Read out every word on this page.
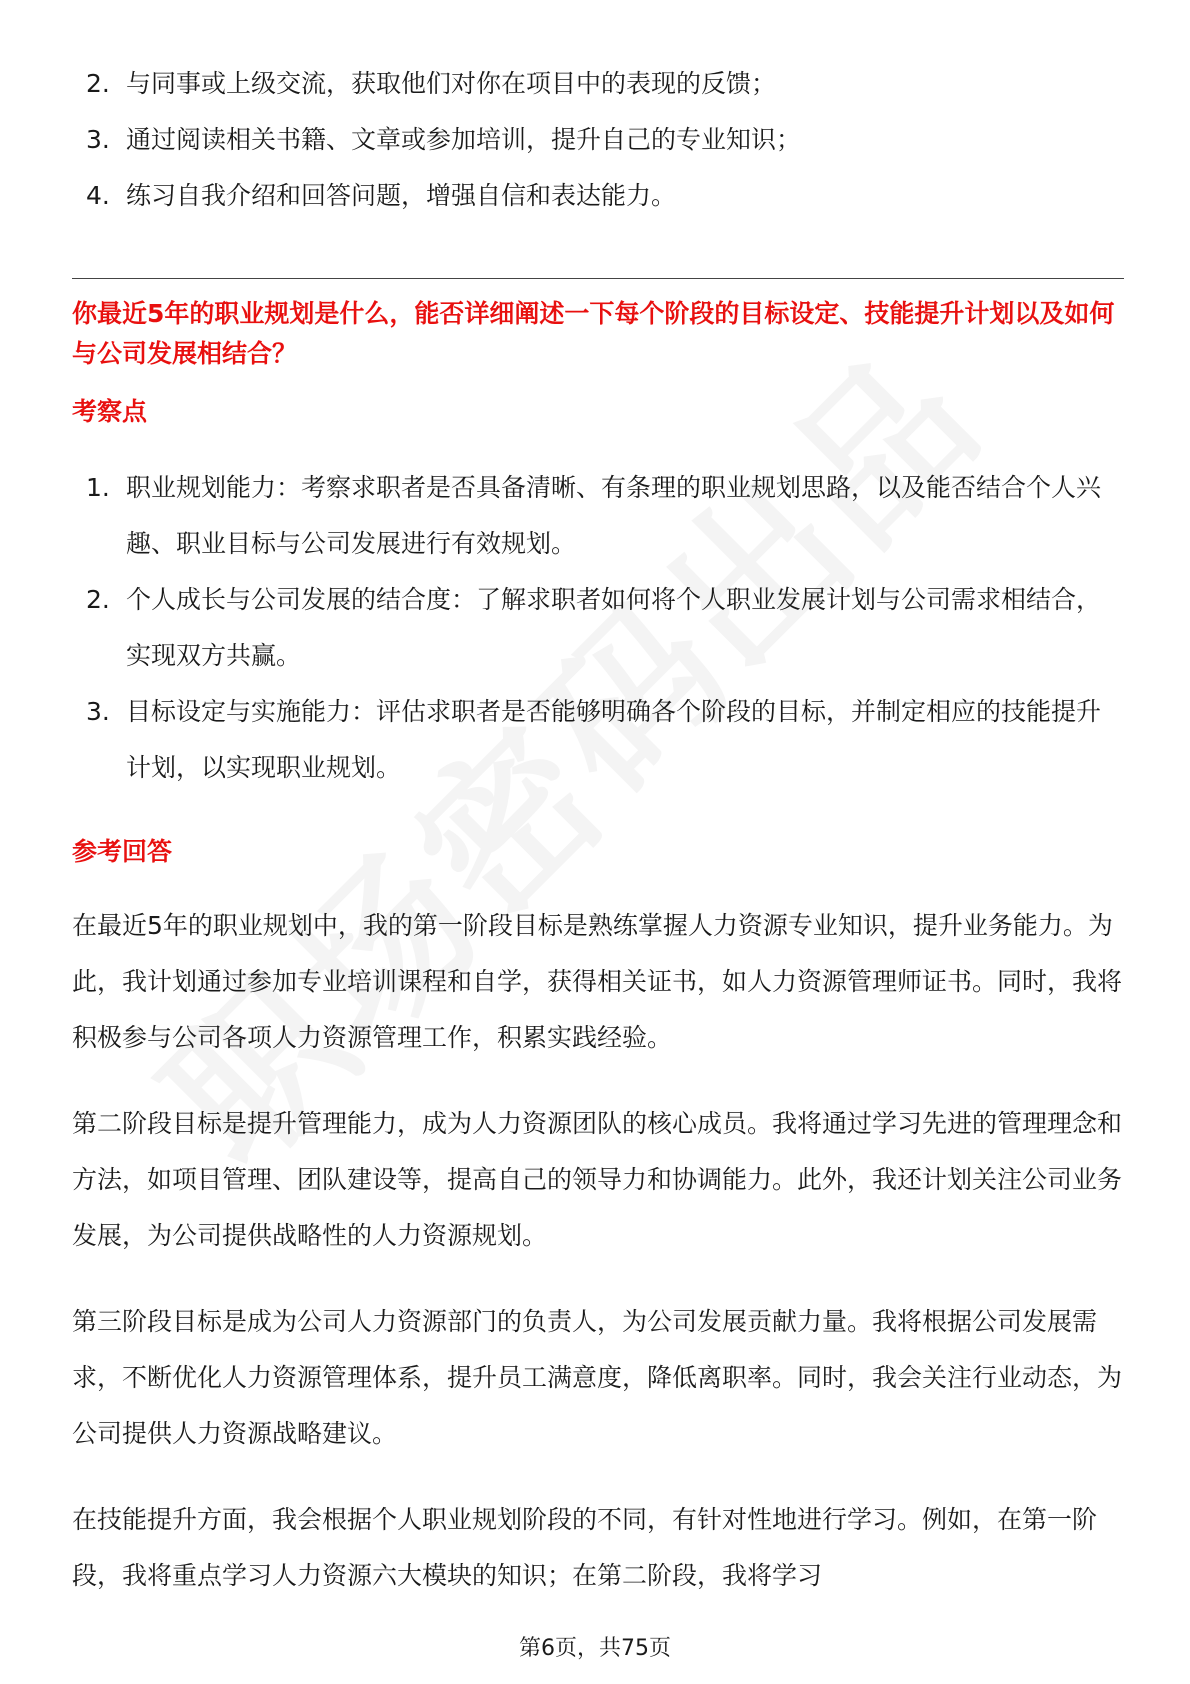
2. 与同事或上级交流，获取他们对你在项目中的表现的反馈；
3. 通过阅读相关书籍、文章或参加培训，提升自己的专业知识；
4. 练习自我介绍和回答问题，增强自信和表达能力。
你最近5年的职业规划是什么，能否详细阐述一下每个阶段的目标设定、技能提升计划以及如何与公司发展相结合？
考察点
1. 职业规划能力：考察求职者是否具备清晰、有条理的职业规划思路，以及能否结合个人兴趣、职业目标与公司发展进行有效规划。
2. 个人成长与公司发展的结合度：了解求职者如何将个人职业发展计划与公司需求相结合，实现双方共赢。
3. 目标设定与实施能力：评估求职者是否能够明确各个阶段的目标，并制定相应的技能提升计划，以实现职业规划。
参考回答

在最近5年的职业规划中，我的第一阶段目标是熟练掌握人力资源专业知识，提升业务能力。为此，我计划通过参加专业培训课程和自学，获得相关证书，如人力资源管理师证书。同时，我将积极参与公司各项人力资源管理工作，积累实践经验。

第二阶段目标是提升管理能力，成为人力资源团队的核心成员。我将通过学习先进的管理理念和方法，如项目管理、团队建设等，提高自己的领导力和协调能力。此外，我还计划关注公司业务发展，为公司提供战略性的人力资源规划。

第三阶段目标是成为公司人力资源部门的负责人，为公司发展贡献力量。我将根据公司发展需求，不断优化人力资源管理体系，提升员工满意度，降低离职率。同时，我会关注行业动态，为公司提供人力资源战略建议。

在技能提升方面，我会根据个人职业规划阶段的不同，有针对性地进行学习。例如，在第一阶段，我将重点学习人力资源六大模块的知识；在第二阶段，我将学习

第6页，共75页
